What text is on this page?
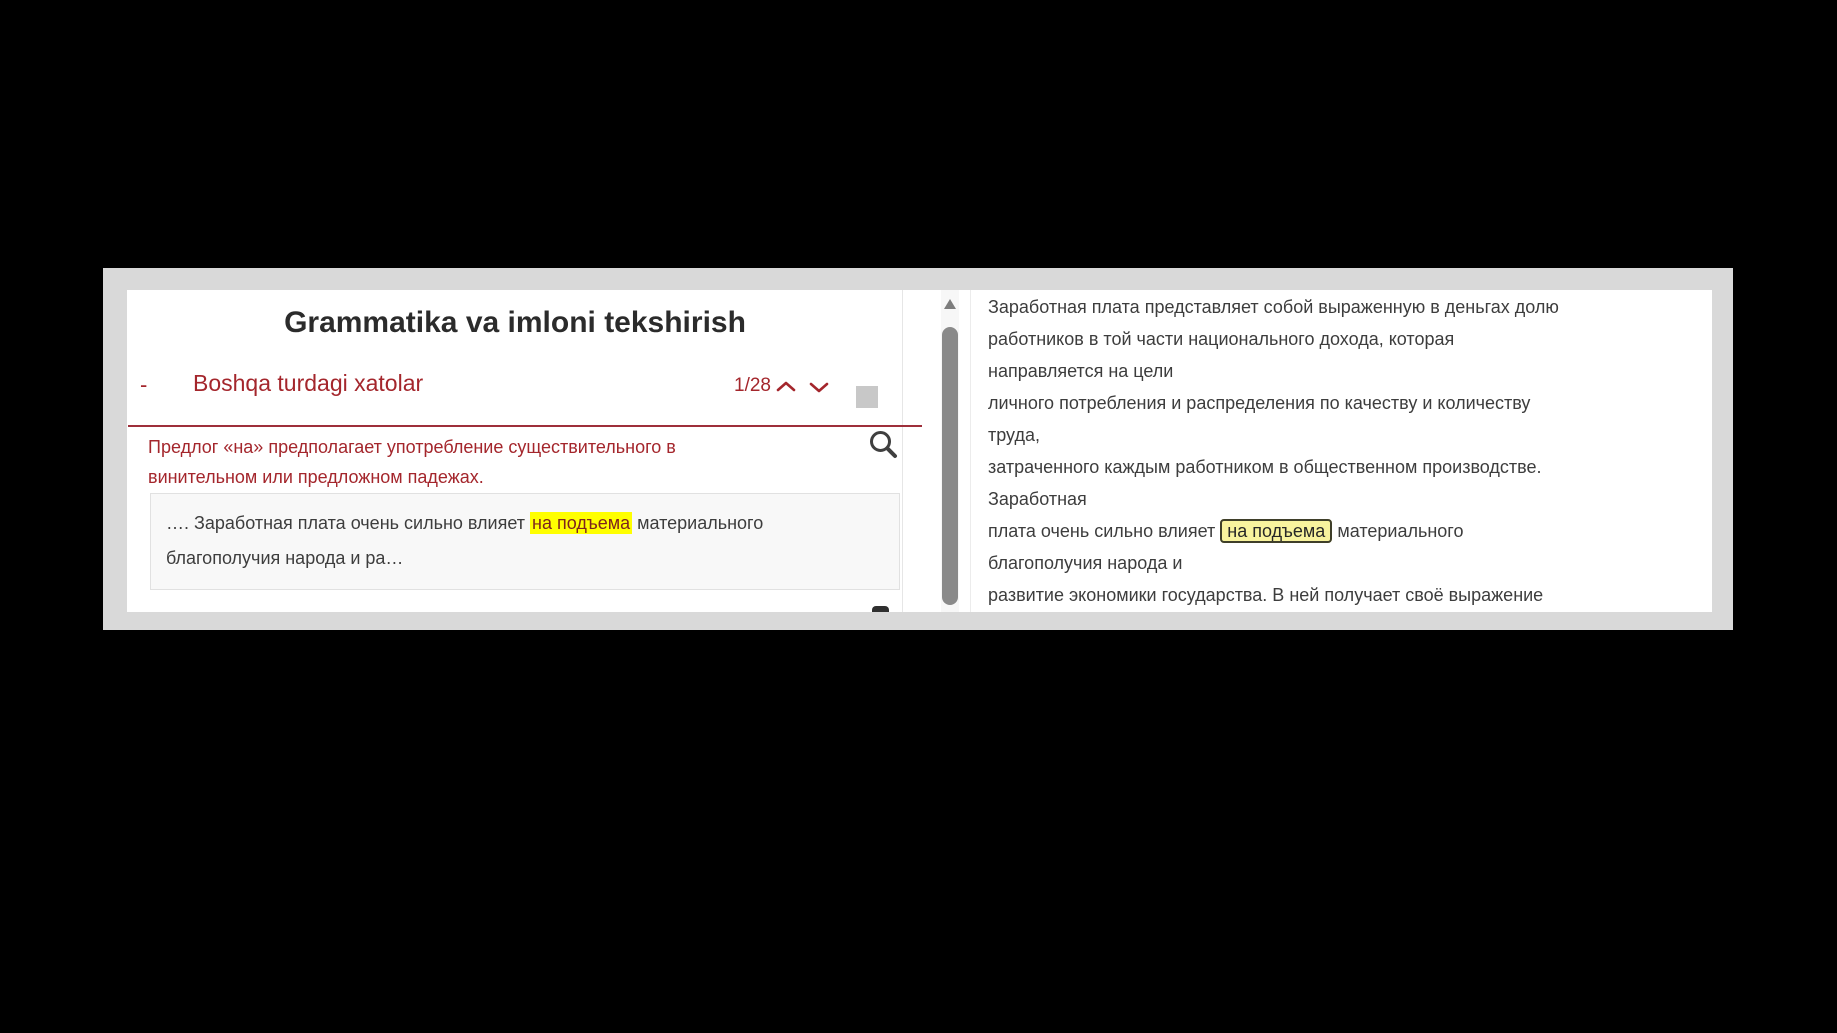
Grammatika va imloni tekshirish
- Boshqa turdagi xatolar	1/28
Предлог «на» предполагает употребление существительного в
винительном или предложном падежах.
…. Заработная плата очень сильно влияет на подъема материального
благополучия народа и ра…
Заработная плата представляет собой выраженную в деньгах долю
работников в той части национального дохода, которая
направляется на цели
личного потребления и распределения по качеству и количеству
труда,
затраченного каждым работником в общественном производстве.
Заработная
плата очень сильно влияет на подъема материального
благополучия народа и
развитие экономики государства. В ней получает своё выражение
